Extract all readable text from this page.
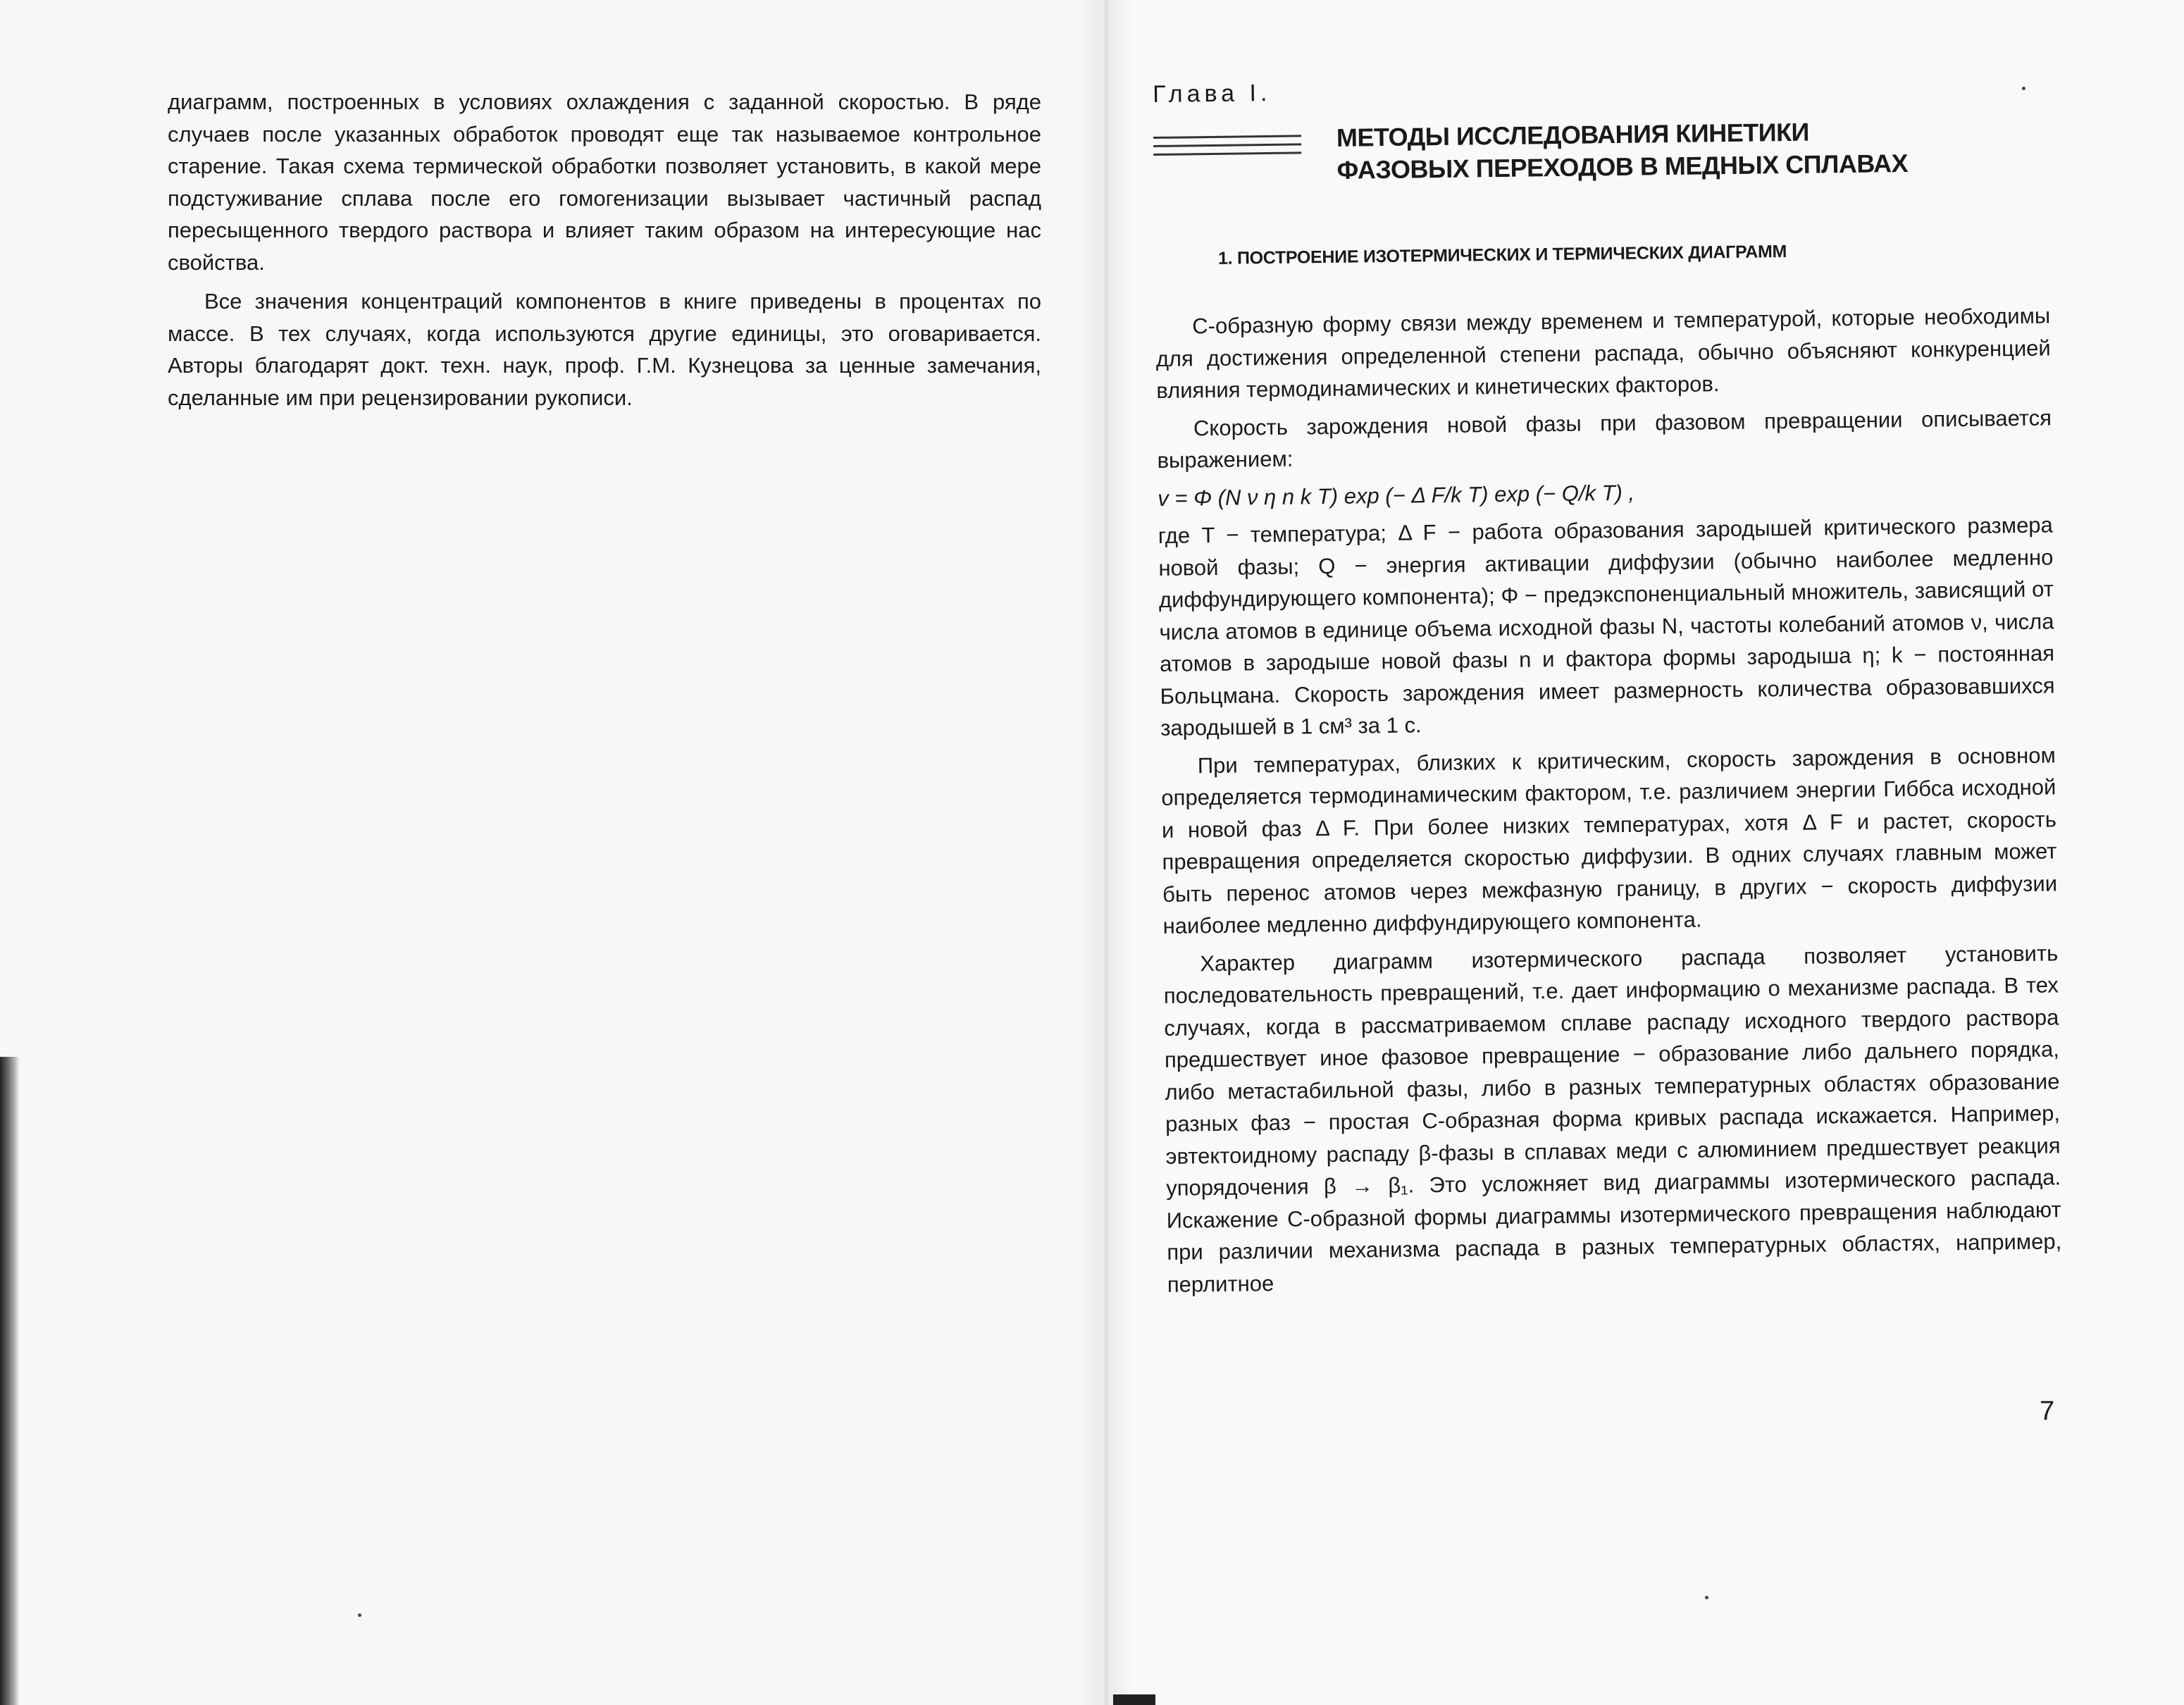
диаграмм, построенных в условиях охлаждения с заданной скоростью. В ряде случаев после указанных обработок проводят еще так называемое контрольное старение. Такая схема термической обработки позволяет установить, в какой мере подстуживание сплава после его гомогенизации вызывает частичный распад пересыщенного твердого раствора и влияет таким образом на интересующие нас свойства.

Все значения концентраций компонентов в книге приведены в процентах по массе. В тех случаях, когда используются другие единицы, это оговаривается. Авторы благодарят докт. техн. наук, проф. Г.М. Кузнецова за ценные замечания, сделанные им при рецензировании рукописи.

Глава I.

МЕТОДЫ ИССЛЕДОВАНИЯ КИНЕТИКИ
ФАЗОВЫХ ПЕРЕХОДОВ В МЕДНЫХ СПЛАВАХ
1. ПОСТРОЕНИЕ ИЗОТЕРМИЧЕСКИХ И ТЕРМИЧЕСКИХ ДИАГРАММ

С-образную форму связи между временем и температурой, которые необходимы для достижения определенной степени распада, обычно объясняют конкуренцией влияния термодинамических и кинетических факторов.

Скорость зарождения новой фазы при фазовом превращении описывается выражением:

v = Φ (N ν η n k T) exp (− Δ F/k T) exp (− Q/k T) ,

где T − температура; Δ F − работа образования зародышей критического размера новой фазы; Q − энергия активации диффузии (обычно наиболее медленно диффундирующего компонента); Φ − предэкспоненциальный множитель, зависящий от числа атомов в единице объема исходной фазы N, частоты колебаний атомов ν, числа атомов в зародыше новой фазы n и фактора формы зародыша η; k − постоянная Больцмана. Скорость зарождения имеет размерность количества образовавшихся зародышей в 1 см³ за 1 с.

При температурах, близких к критическим, скорость зарождения в основном определяется термодинамическим фактором, т.е. различием энергии Гиббса исходной и новой фаз Δ F. При более низких температурах, хотя Δ F и растет, скорость превращения определяется скоростью диффузии. В одних случаях главным может быть перенос атомов через межфазную границу, в других − скорость диффузии наиболее медленно диффундирующего компонента.

Характер диаграмм изотермического распада позволяет установить последовательность превращений, т.е. дает информацию о механизме распада. В тех случаях, когда в рассматриваемом сплаве распаду исходного твердого раствора предшествует иное фазовое превращение − образование либо дальнего порядка, либо метастабильной фазы, либо в разных температурных областях образование разных фаз − простая С-образная форма кривых распада искажается. Например, эвтектоидному распаду β-фазы в сплавах меди с алюминием предшествует реакция упорядочения β → β₁. Это усложняет вид диаграммы изотермического распада. Искажение С-образной формы диаграммы изотермического превращения наблюдают при различии механизма распада в разных температурных областях, например, перлитное

7
